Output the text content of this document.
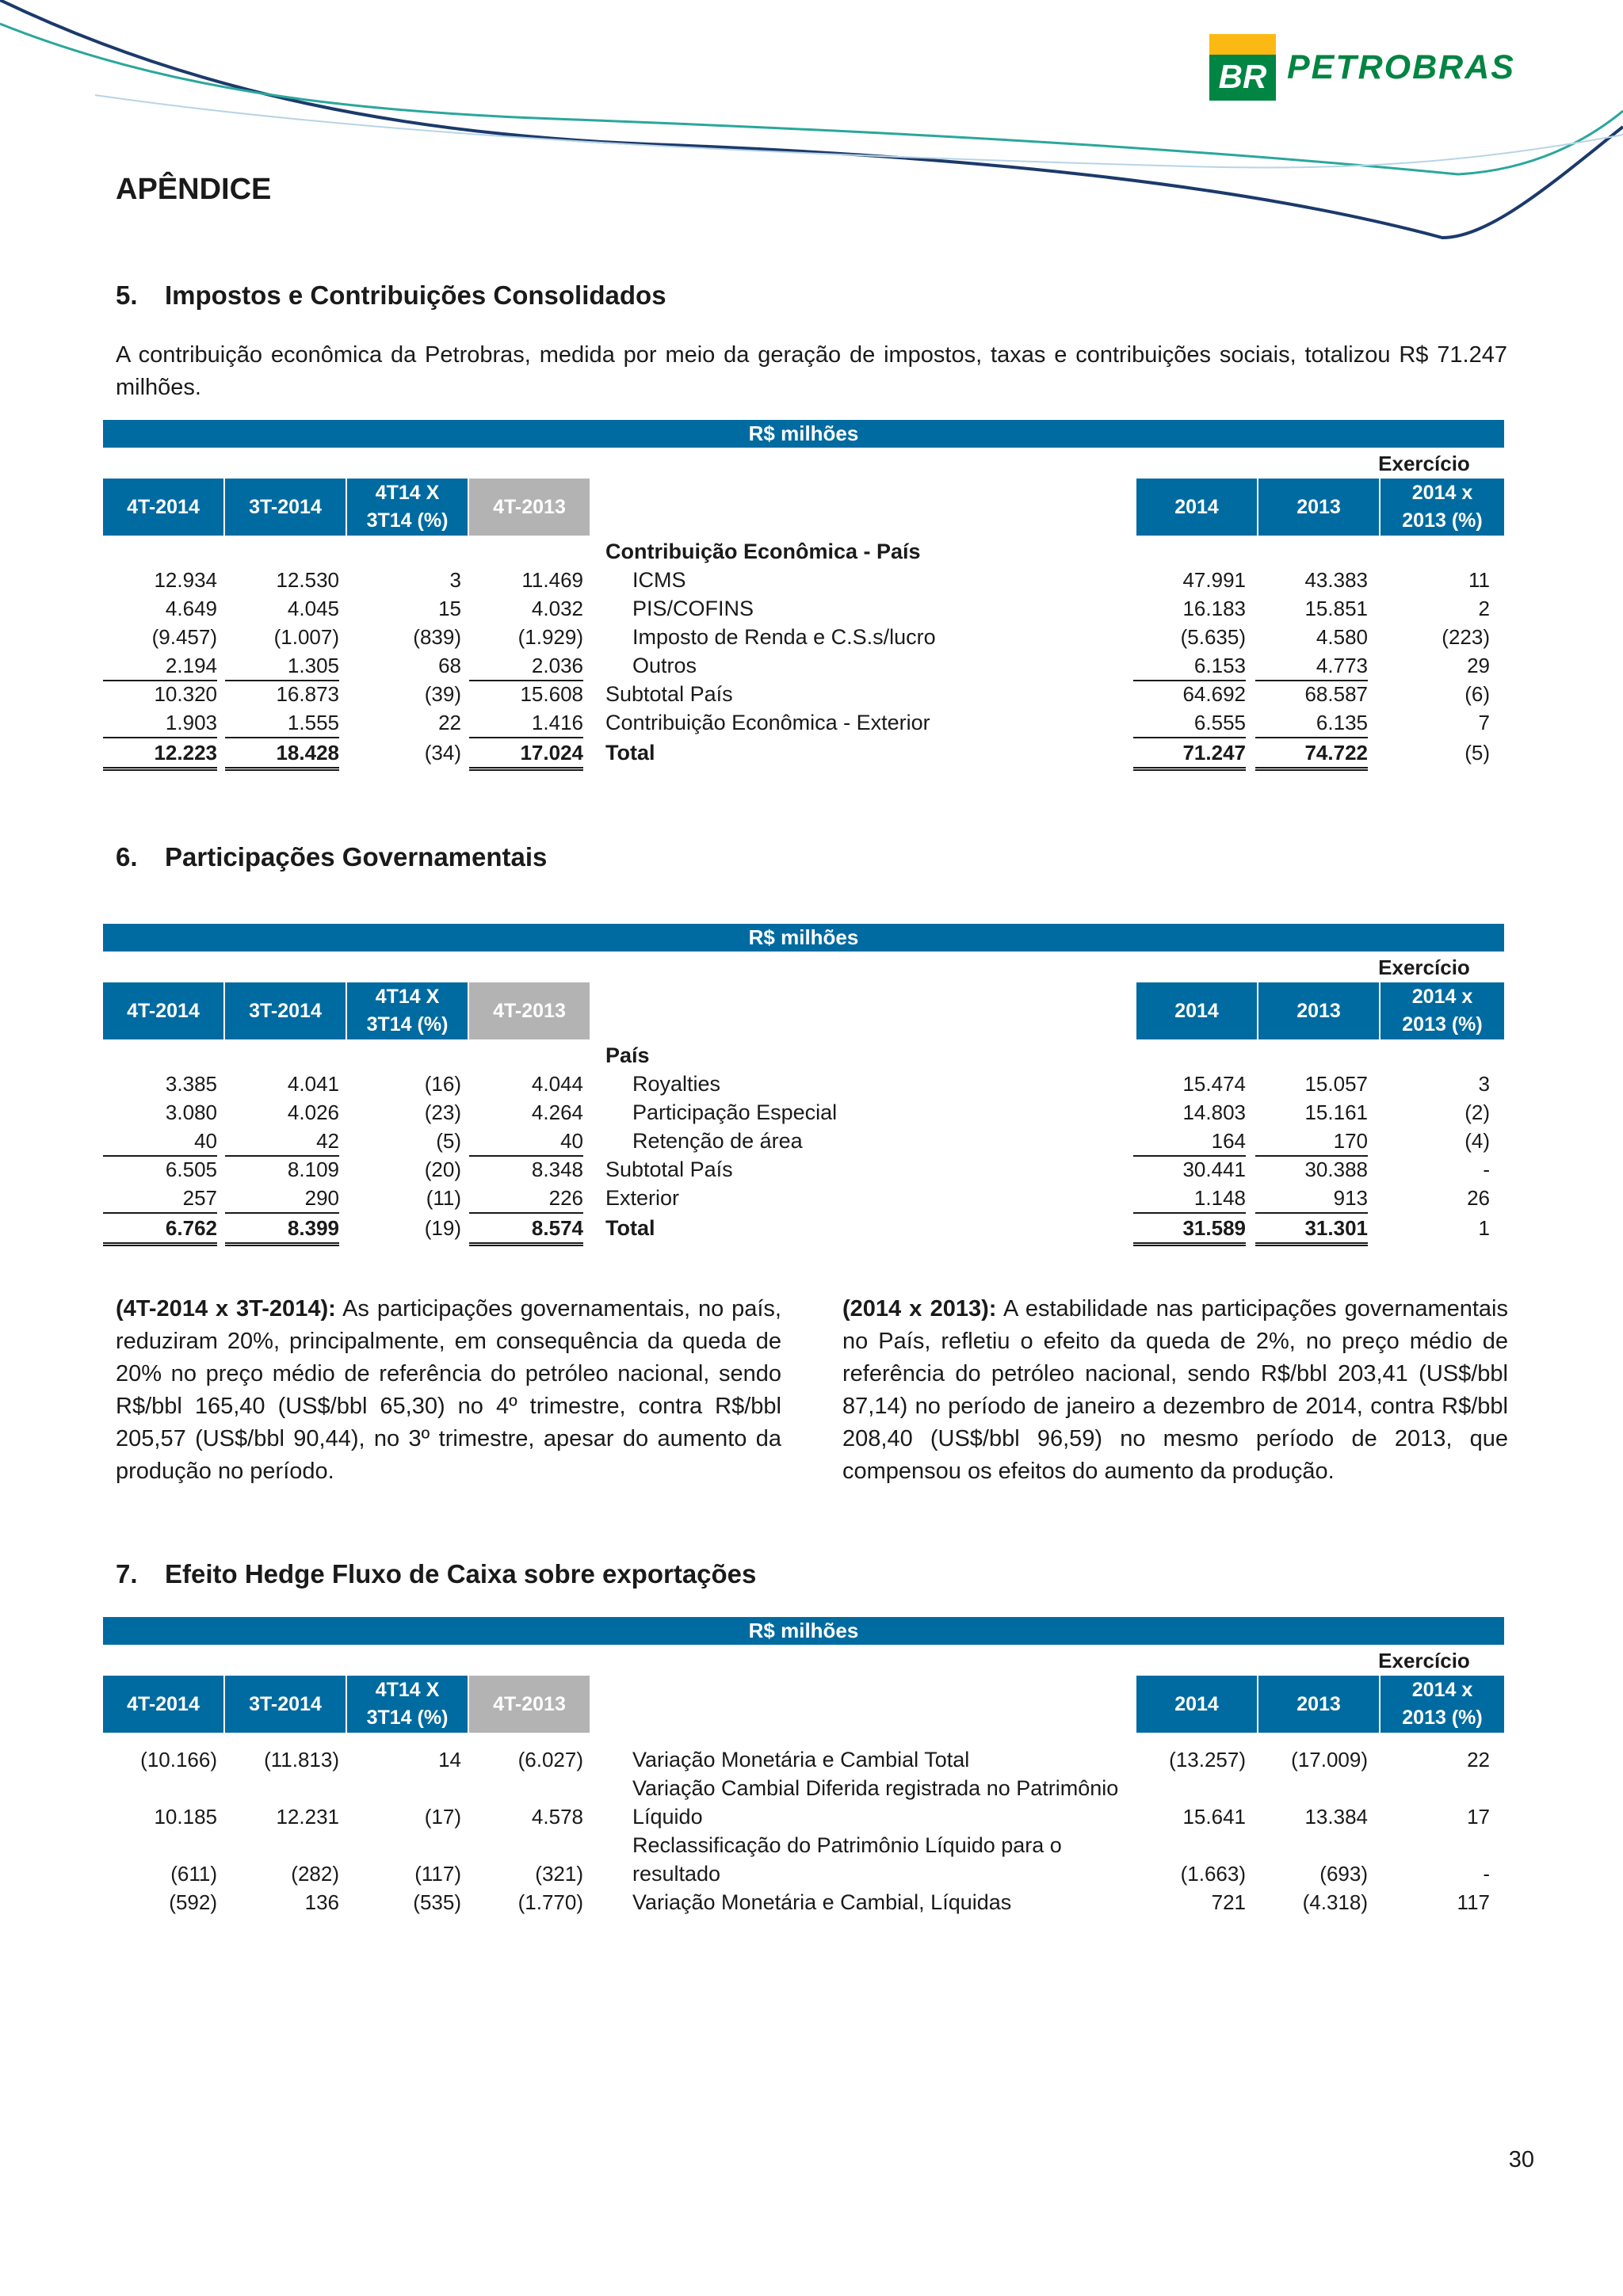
BR PETROBRAS
APÊNDICE
5. Impostos e Contribuições Consolidados

A contribuição econômica da Petrobras, medida por meio da geração de impostos, taxas e contribuições sociais, totalizou R$ 71.247 milhões.

R$ milhões
Exercício
4T-2014	3T-2014
4T14 X
3T14 (%)
4T-2013	2014	2013
2014 x
2013 (%)
Contribuição Econômica - País
12.934	12.530	3	11.469 ICMS	47.991	43.383	11
4.649	4.045	15	4.032 PIS/COFINS	16.183	15.851	2
(9.457)	(1.007)	(839)	(1.929) Imposto de Renda e C.S.s/lucro	(5.635)	4.580	(223)
2.194	1.305	68	2.036 Outros	6.153	4.773	29
10.320	16.873	(39)	15.608 Subtotal País	64.692	68.587	(6)
1.903	1.555	22	1.416 Contribuição Econômica - Exterior	6.555	6.135	7
12.223	18.428	(34)	17.024 Total	71.247	74.722	(5)
6. Participações Governamentais
R$ milhões
Exercício
4T-2014	3T-2014
4T14 X
3T14 (%)
4T-2013	2014	2013
2014 x
2013 (%)
País
3.385	4.041	(16)	4.044 Royalties	15.474	15.057	3
3.080	4.026	(23)	4.264 Participação Especial	14.803	15.161	(2)
40	42	(5)	40 Retenção de área	164	170	(4)
6.505	8.109	(20)	8.348 Subtotal País	30.441	30.388	-
257	290	(11)	226 Exterior	1.148	913	26
6.762	8.399	(19)	8.574 Total	31.589	31.301	1

(4T-2014 x 3T-2014): As participações governamentais, no país, reduziram 20%, principalmente, em consequência da queda de 20% no preço médio de referência do petróleo nacional, sendo R$/bbl 165,40 (US$/bbl 65,30) no 4º trimestre, contra R$/bbl 205,57 (US$/bbl 90,44), no 3º trimestre, apesar do aumento da produção no período.

(2014 x 2013): A estabilidade nas participações governamentais no País, refletiu o efeito da queda de 2%, no preço médio de referência do petróleo nacional, sendo R$/bbl 203,41 (US$/bbl 87,14) no período de janeiro a dezembro de 2014, contra R$/bbl 208,40 (US$/bbl 96,59) no mesmo período de 2013, que compensou os efeitos do aumento da produção.

7. Efeito Hedge Fluxo de Caixa sobre exportações
R$ milhões
Exercício
4T-2014	3T-2014
4T14 X
3T14 (%)
4T-2013	2014	2013
2014 x
2013 (%)
(10.166)	(11.813)	14	(6.027) Variação Monetária e Cambial Total	(13.257)	(17.009)	22
Variação Cambial Diferida registrada no Patrimônio
10.185	12.231	(17)	4.578 Líquido	15.641	13.384	17
Reclassificação do Patrimônio Líquido para o
(611)	(282)	(117)	(321) resultado	(1.663)	(693)	-
(592)	136	(535)	(1.770) Variação Monetária e Cambial, Líquidas	721	(4.318)	117
30
